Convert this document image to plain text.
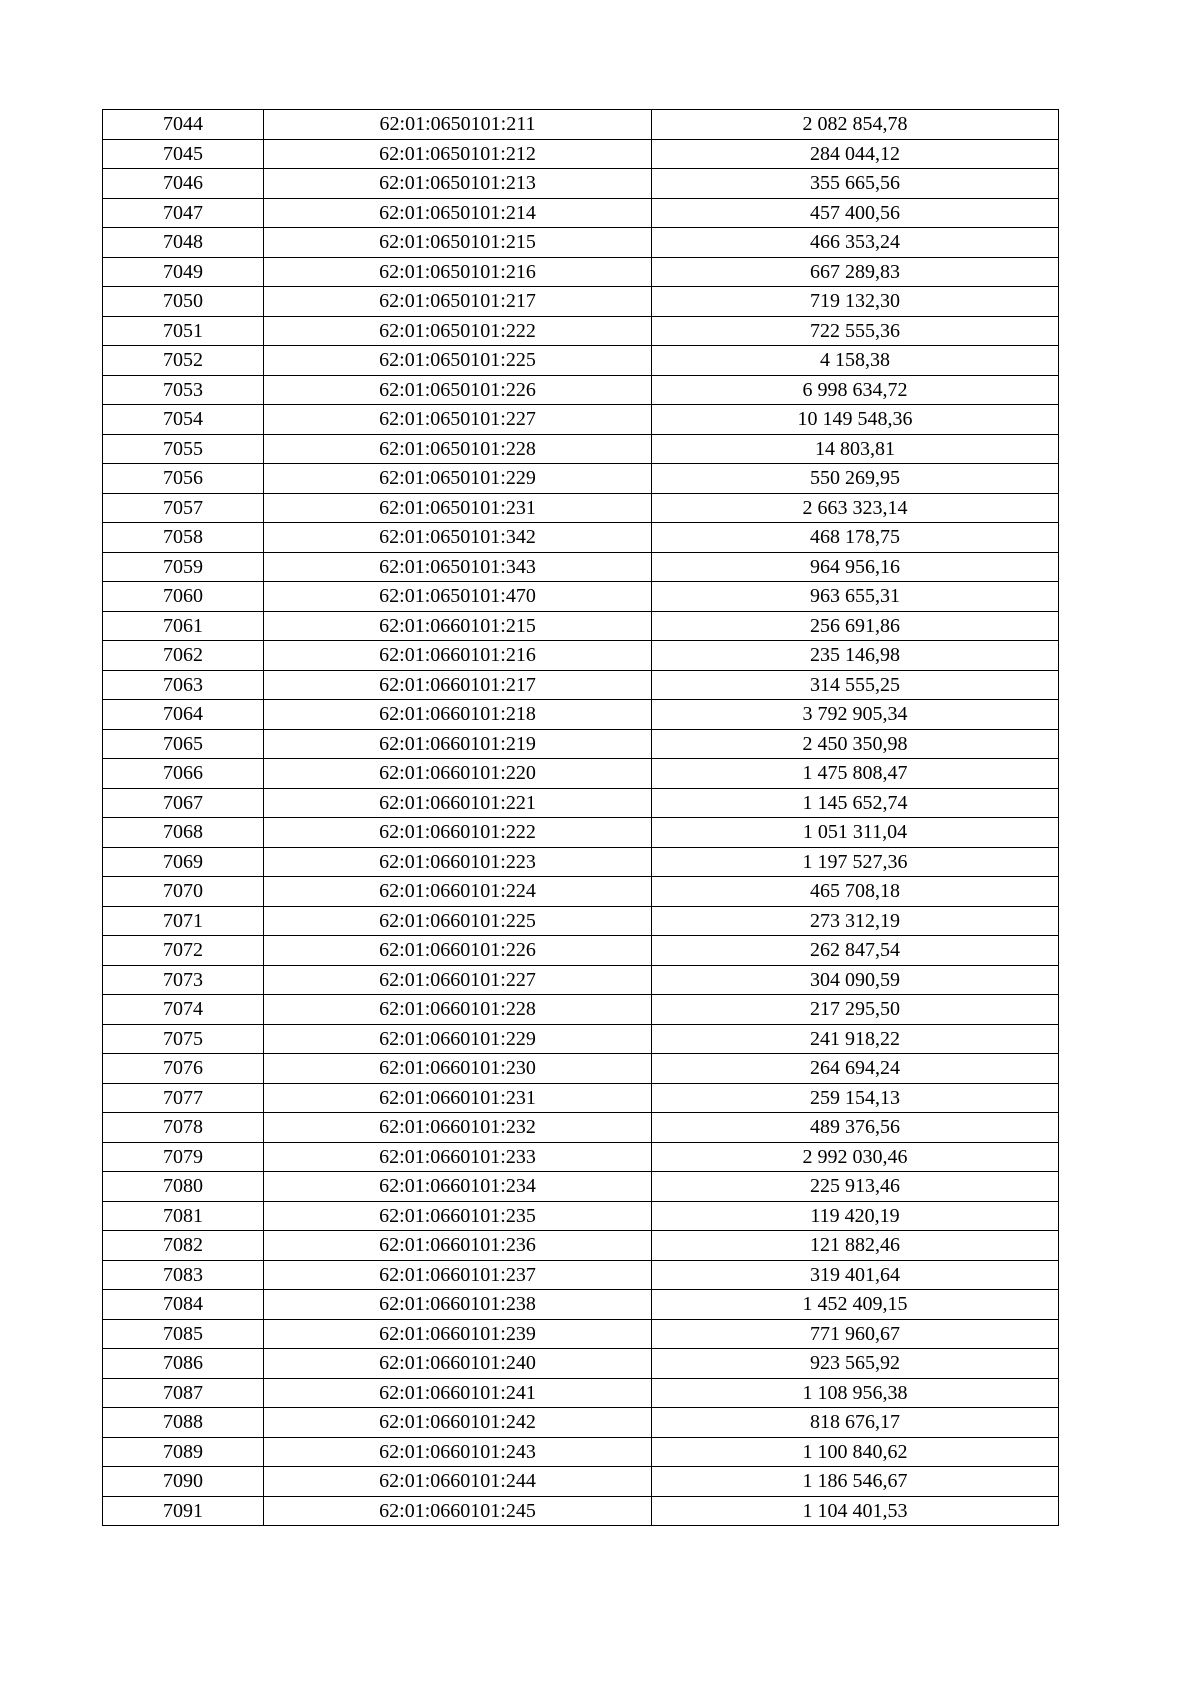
7044	62:01:0650101:211	2 082 854,78
7045	62:01:0650101:212	284 044,12
7046	62:01:0650101:213	355 665,56
7047	62:01:0650101:214	457 400,56
7048	62:01:0650101:215	466 353,24
7049	62:01:0650101:216	667 289,83
7050	62:01:0650101:217	719 132,30
7051	62:01:0650101:222	722 555,36
7052	62:01:0650101:225	4 158,38
7053	62:01:0650101:226	6 998 634,72
7054	62:01:0650101:227	10 149 548,36
7055	62:01:0650101:228	14 803,81
7056	62:01:0650101:229	550 269,95
7057	62:01:0650101:231	2 663 323,14
7058	62:01:0650101:342	468 178,75
7059	62:01:0650101:343	964 956,16
7060	62:01:0650101:470	963 655,31
7061	62:01:0660101:215	256 691,86
7062	62:01:0660101:216	235 146,98
7063	62:01:0660101:217	314 555,25
7064	62:01:0660101:218	3 792 905,34
7065	62:01:0660101:219	2 450 350,98
7066	62:01:0660101:220	1 475 808,47
7067	62:01:0660101:221	1 145 652,74
7068	62:01:0660101:222	1 051 311,04
7069	62:01:0660101:223	1 197 527,36
7070	62:01:0660101:224	465 708,18
7071	62:01:0660101:225	273 312,19
7072	62:01:0660101:226	262 847,54
7073	62:01:0660101:227	304 090,59
7074	62:01:0660101:228	217 295,50
7075	62:01:0660101:229	241 918,22
7076	62:01:0660101:230	264 694,24
7077	62:01:0660101:231	259 154,13
7078	62:01:0660101:232	489 376,56
7079	62:01:0660101:233	2 992 030,46
7080	62:01:0660101:234	225 913,46
7081	62:01:0660101:235	119 420,19
7082	62:01:0660101:236	121 882,46
7083	62:01:0660101:237	319 401,64
7084	62:01:0660101:238	1 452 409,15
7085	62:01:0660101:239	771 960,67
7086	62:01:0660101:240	923 565,92
7087	62:01:0660101:241	1 108 956,38
7088	62:01:0660101:242	818 676,17
7089	62:01:0660101:243	1 100 840,62
7090	62:01:0660101:244	1 186 546,67
7091	62:01:0660101:245	1 104 401,53
